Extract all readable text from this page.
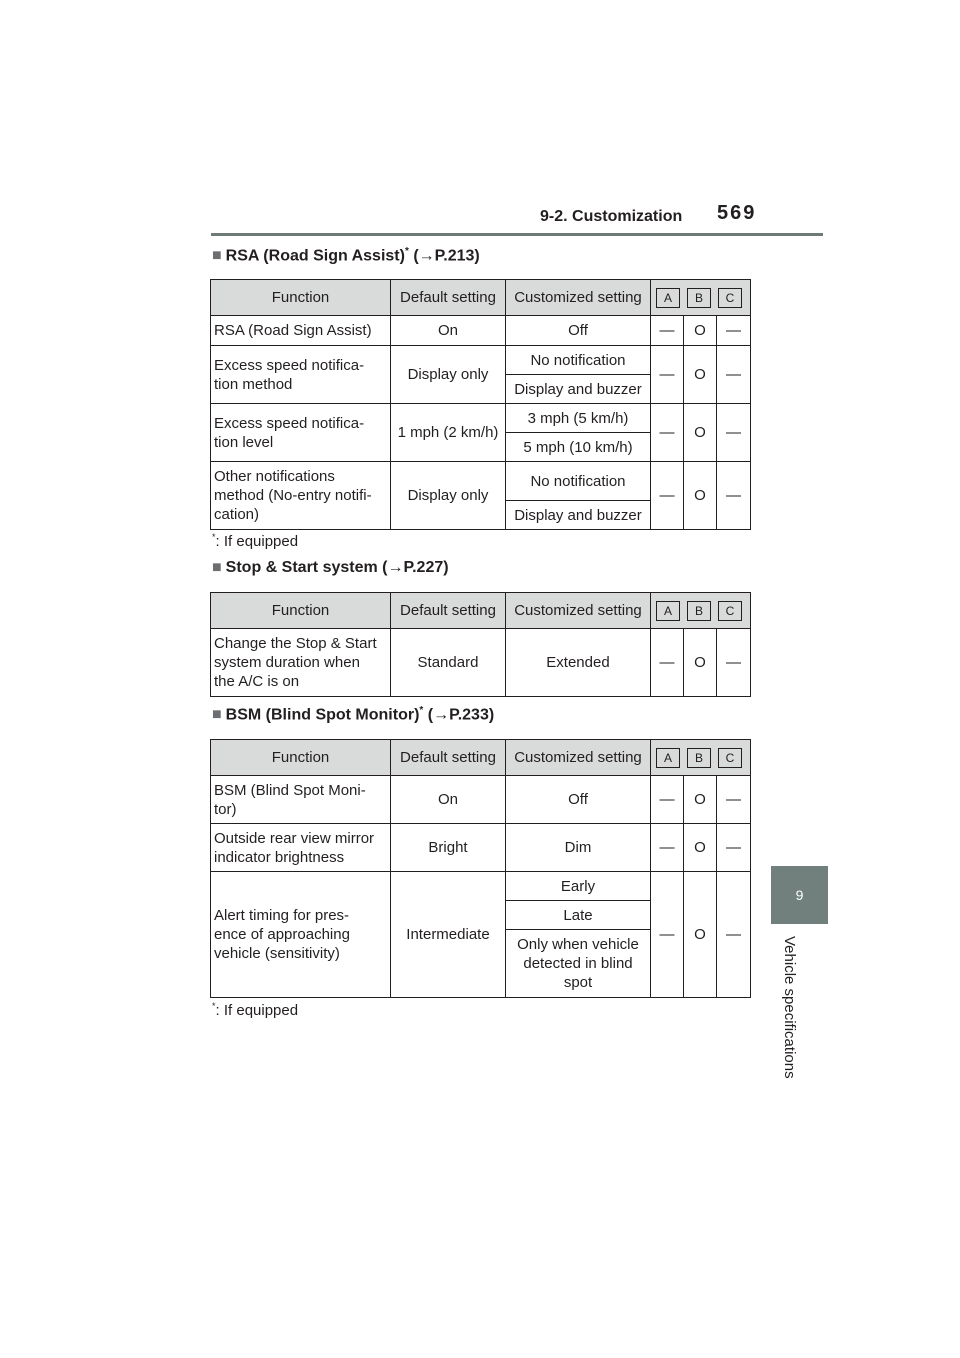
9-2. Customization 569
9
Vehicle specifications
■ RSA (Road Sign Assist)* (→P.213)
Function	Default setting	Customized setting	A B C		

RSA (Road Sign Assist)	On	Off	—	O	—
Excess speed notifica-
tion method	Display only	No notification	—	O	—
		Display and buzzer			
Excess speed notifica-
tion level	1 mph (2 km/h)	3 mph (5 km/h)	—	O	—
		5 mph (10 km/h)			
Other notifications
method (No-entry notifi-
cation)	Display only	No notification	—	O	—
		Display and buzzer			
*: If equipped
■ Stop & Start system (→P.227)
Function	Default setting	Customized setting	A B C		

Change the Stop & Start
system duration when
the A/C is on	Standard	Extended	—	O	—
■ BSM (Blind Spot Monitor)* (→P.233)
Function	Default setting	Customized setting	A B C		

BSM (Blind Spot Moni-
tor)	On	Off	—	O	—
Outside rear view mirror
indicator brightness	Bright	Dim	—	O	—
Alert timing for pres-
ence of approaching
vehicle (sensitivity)	Intermediate	Early	—	O	—
		Late			
		Only when vehicle
detected in blind
spot			
*: If equipped
